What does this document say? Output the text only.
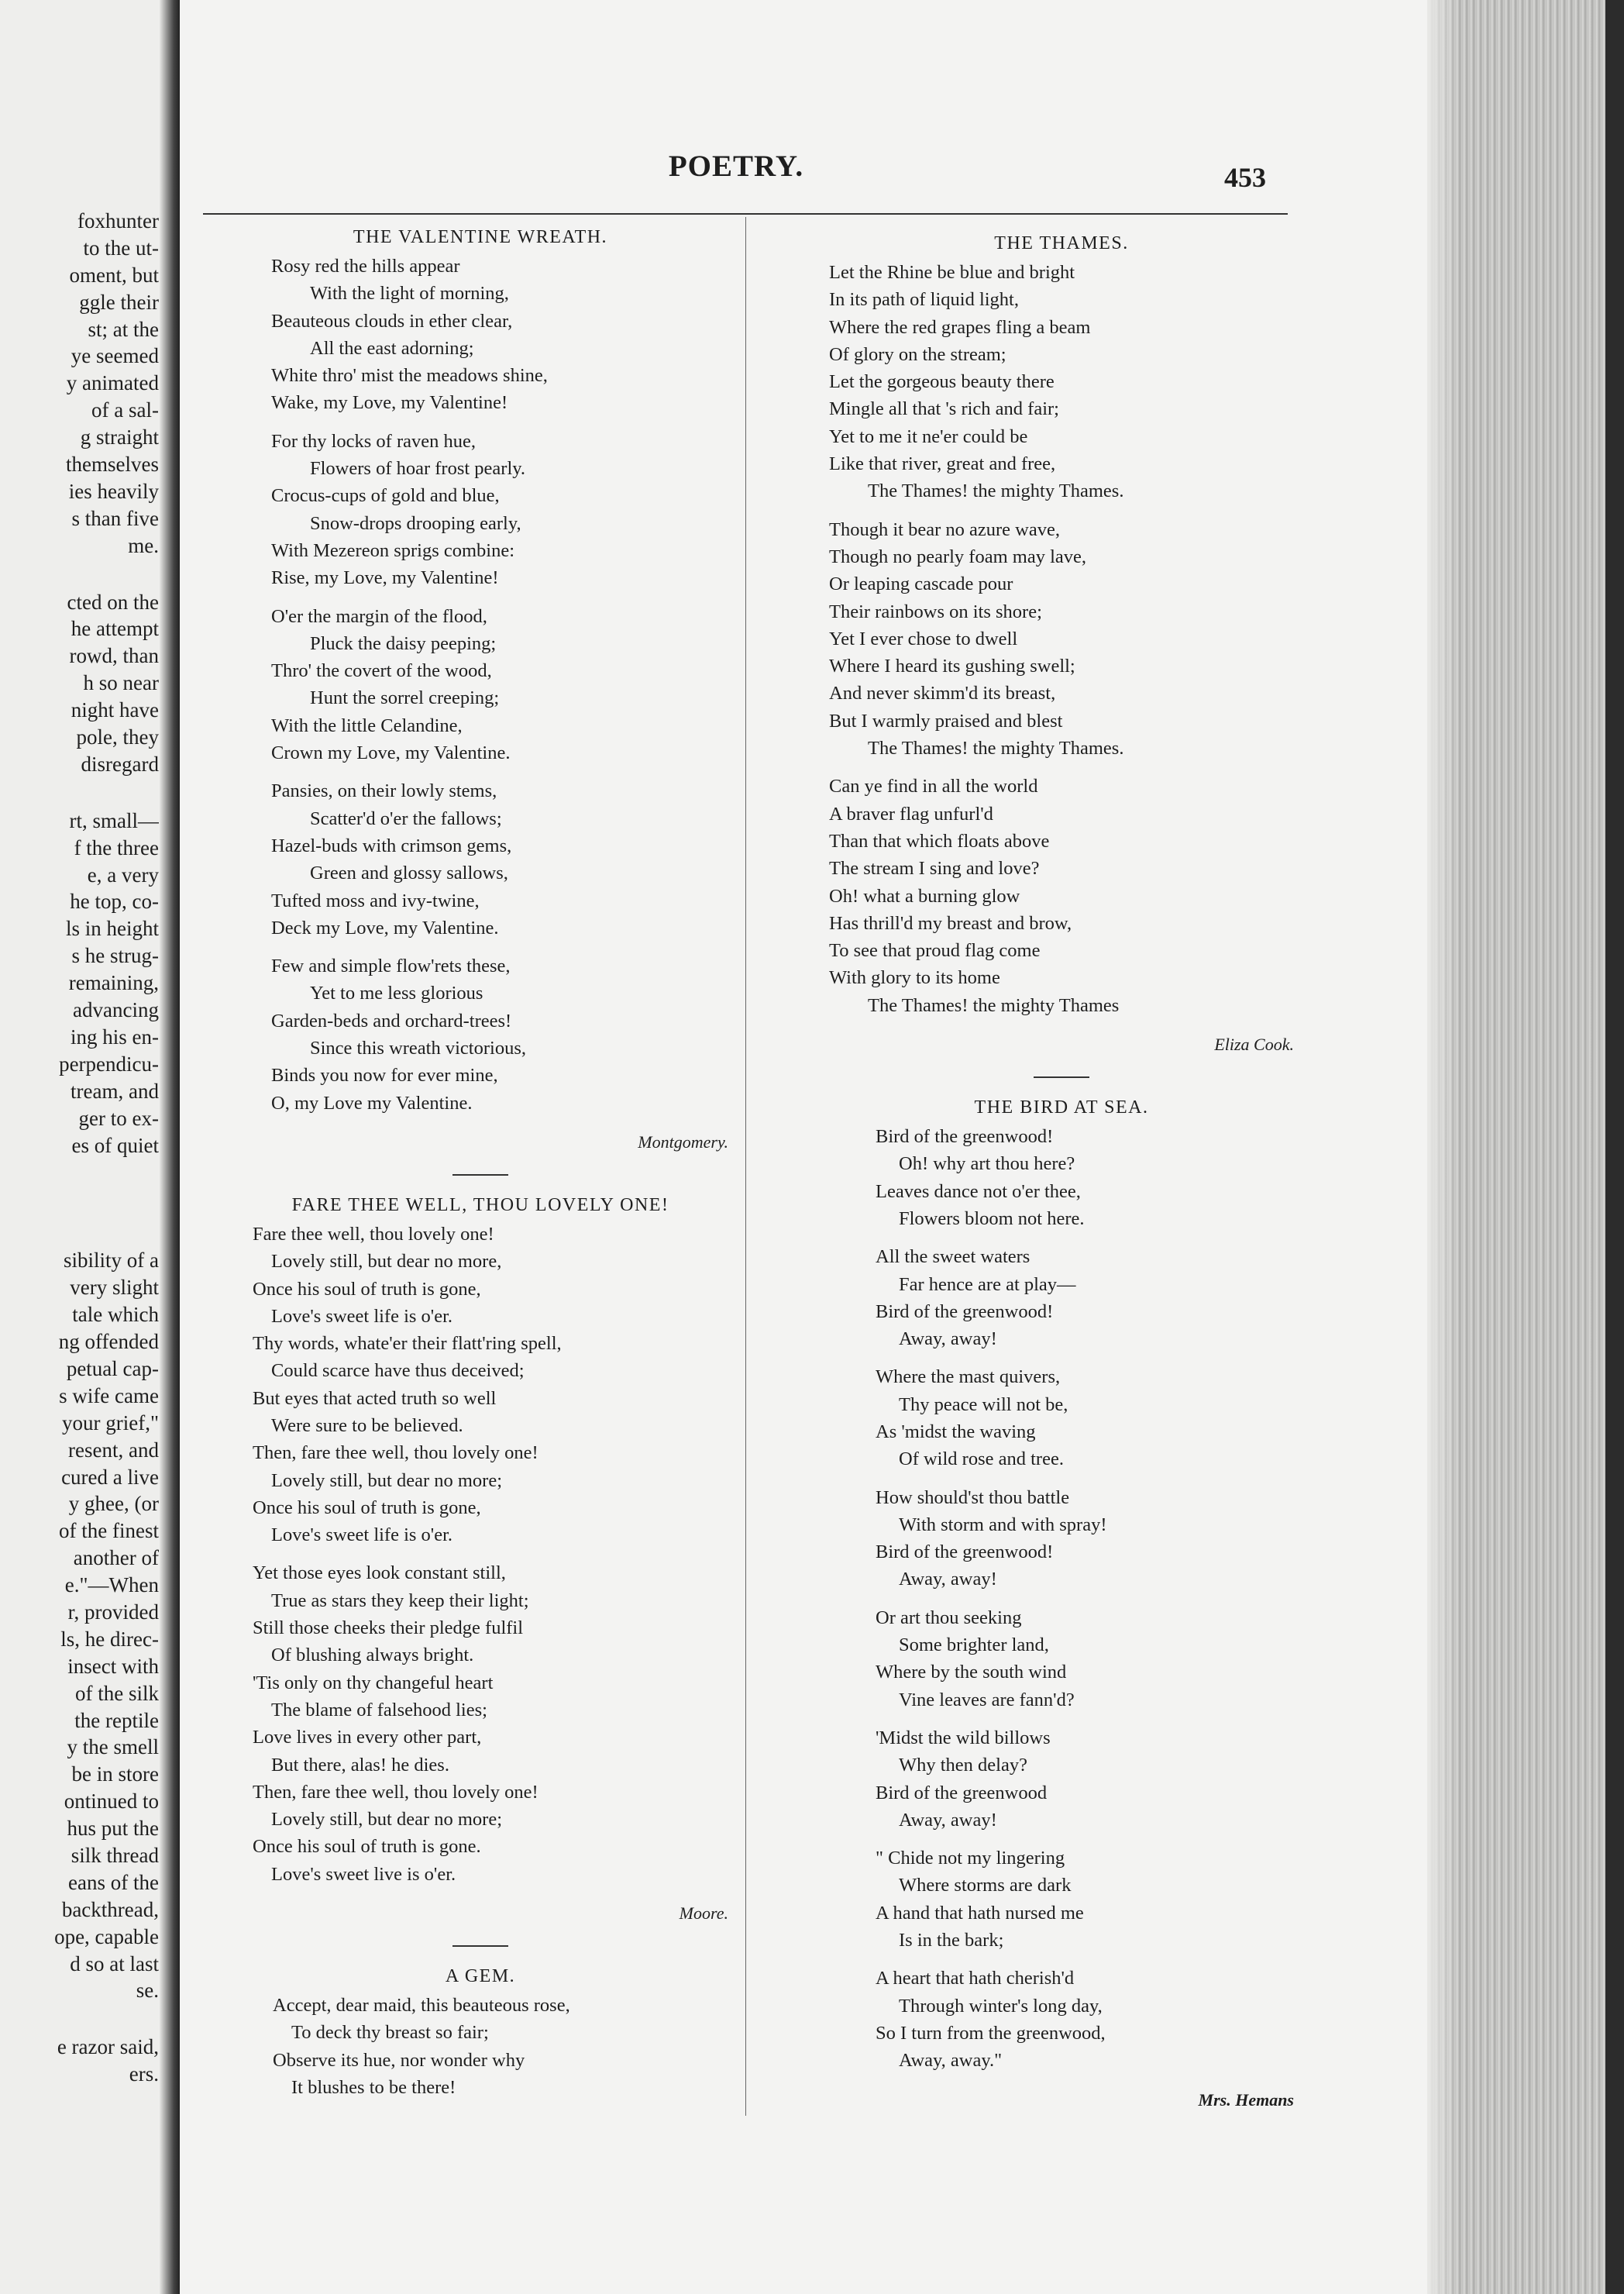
foxhunter
to the ut-
oment, but
ggle their
st; at the
ye seemed
y animated
of a sal-
g straight
themselves
ies heavily
s than five
me.
cted on the
he attempt
rowd, than
h so near
night have
pole, they
disregard
rt, small—
f the three
e, a very
he top, co-
ls in height
s he strug-
remaining,
advancing
ing his en-
perpendicu-
tream, and
ger to ex-
es of quiet
sibility of a
very slight
tale which
ng offended
petual cap-
s wife came
your grief,"
resent, and
cured a live
y ghee, (or
of the finest
another of
e."—When
r, provided
ls, he direc-
insect with
of the silk
the reptile
y the smell
be in store
ontinued to
hus put the
silk thread
eans of the
backthread,
ope, capable
d so at last
se.
e razor said,
ers.
POETRY.	453
THE VALENTINE WREATH.
Rosy red the hills appear
With the light of morning,
Beauteous clouds in ether clear,
All the east adorning;
White thro' mist the meadows shine,
Wake, my Love, my Valentine!
For thy locks of raven hue,
Flowers of hoar frost pearly.
Crocus-cups of gold and blue,
Snow-drops drooping early,
With Mezereon sprigs combine:
Rise, my Love, my Valentine!
O'er the margin of the flood,
Pluck the daisy peeping;
Thro' the covert of the wood,
Hunt the sorrel creeping;
With the little Celandine,
Crown my Love, my Valentine.
Pansies, on their lowly stems,
Scatter'd o'er the fallows;
Hazel-buds with crimson gems,
Green and glossy sallows,
Tufted moss and ivy-twine,
Deck my Love, my Valentine.
Few and simple flow'rets these,
Yet to me less glorious
Garden-beds and orchard-trees!
Since this wreath victorious,
Binds you now for ever mine,
O, my Love my Valentine.
Montgomery.
FARE THEE WELL, THOU LOVELY ONE!
Fare thee well, thou lovely one!
Lovely still, but dear no more,
Once his soul of truth is gone,
Love's sweet life is o'er.
Thy words, whate'er their flatt'ring spell,
Could scarce have thus deceived;
But eyes that acted truth so well
Were sure to be believed.
Then, fare thee well, thou lovely one!
Lovely still, but dear no more;
Once his soul of truth is gone,
Love's sweet life is o'er.
Yet those eyes look constant still,
True as stars they keep their light;
Still those cheeks their pledge fulfil
Of blushing always bright.
'Tis only on thy changeful heart
The blame of falsehood lies;
Love lives in every other part,
But there, alas! he dies.
Then, fare thee well, thou lovely one!
Lovely still, but dear no more;
Once his soul of truth is gone.
Love's sweet live is o'er.
Moore.
A GEM.
Accept, dear maid, this beauteous rose,
To deck thy breast so fair;
Observe its hue, nor wonder why
It blushes to be there!
THE THAMES.
Let the Rhine be blue and bright
In its path of liquid light,
Where the red grapes fling a beam
Of glory on the stream;
Let the gorgeous beauty there
Mingle all that 's rich and fair;
Yet to me it ne'er could be
Like that river, great and free,
The Thames! the mighty Thames.
Though it bear no azure wave,
Though no pearly foam may lave,
Or leaping cascade pour
Their rainbows on its shore;
Yet I ever chose to dwell
Where I heard its gushing swell;
And never skimm'd its breast,
But I warmly praised and blest
The Thames! the mighty Thames.
Can ye find in all the world
A braver flag unfurl'd
Than that which floats above
The stream I sing and love?
Oh! what a burning glow
Has thrill'd my breast and brow,
To see that proud flag come
With glory to its home
The Thames! the mighty Thames
Eliza Cook.
THE BIRD AT SEA.
Bird of the greenwood!
Oh! why art thou here?
Leaves dance not o'er thee,
Flowers bloom not here.
All the sweet waters
Far hence are at play—
Bird of the greenwood!
Away, away!
Where the mast quivers,
Thy peace will not be,
As 'midst the waving
Of wild rose and tree.
How should'st thou battle
With storm and with spray!
Bird of the greenwood!
Away, away!
Or art thou seeking
Some brighter land,
Where by the south wind
Vine leaves are fann'd?
'Midst the wild billows
Why then delay?
Bird of the greenwood
Away, away!
" Chide not my lingering
Where storms are dark
A hand that hath nursed me
Is in the bark;
A heart that hath cherish'd
Through winter's long day,
So I turn from the greenwood,
Away, away."
Mrs. Hemans
